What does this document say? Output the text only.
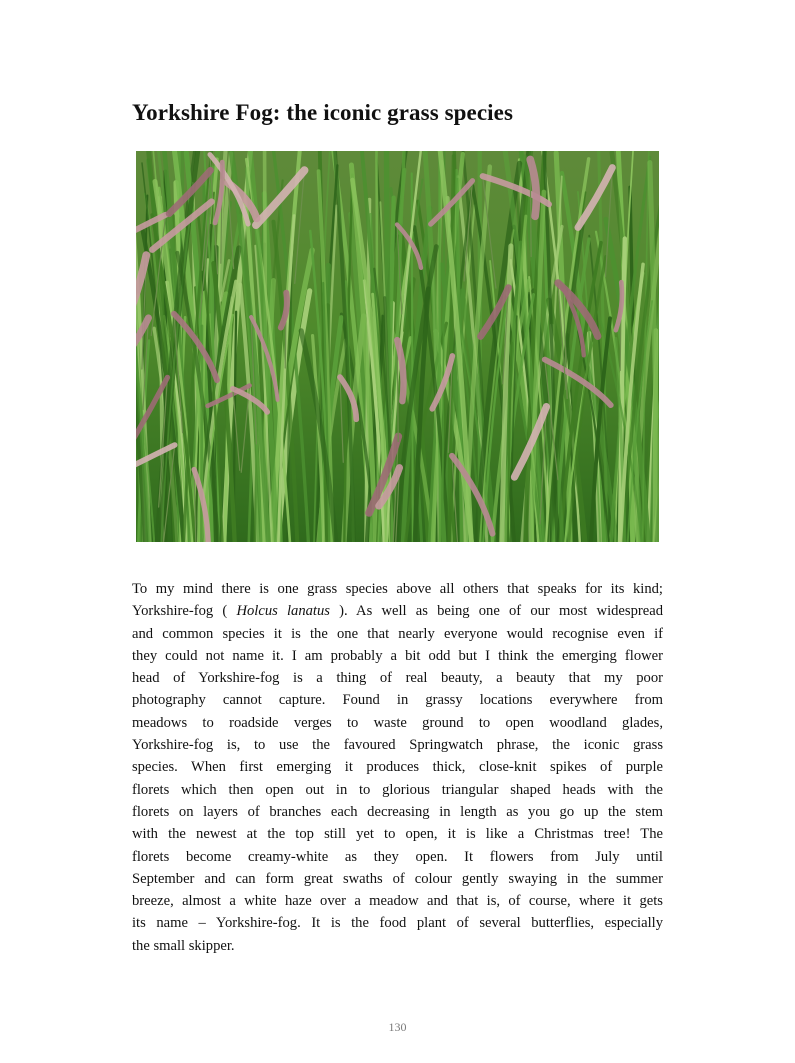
Yorkshire Fog: the iconic grass species
To my mind there is one grass species above all others that speaks for its kind;
Yorkshire-fog ( Holcus lanatus ). As well as being one of our most widespread
and common species it is the one that nearly everyone would recognise even if
they could not name it. I am probably a bit odd but I think the emerging flower
head of Yorkshire-fog is a thing of real beauty, a beauty that my poor
photography cannot capture. Found in grassy locations everywhere from
meadows to roadside verges to waste ground to open woodland glades,
Yorkshire-fog is, to use the favoured Springwatch phrase, the iconic grass
species. When first emerging it produces thick, close-knit spikes of purple
florets which then open out in to glorious triangular shaped heads with the
florets on layers of branches each decreasing in length as you go up the stem
with the newest at the top still yet to open, it is like a Christmas tree! The
florets become creamy-white as they open. It flowers from July until
September and can form great swaths of colour gently swaying in the summer
breeze, almost a white haze over a meadow and that is, of course, where it gets
its name – Yorkshire-fog. It is the food plant of several butterflies, especially
the small skipper.
130
